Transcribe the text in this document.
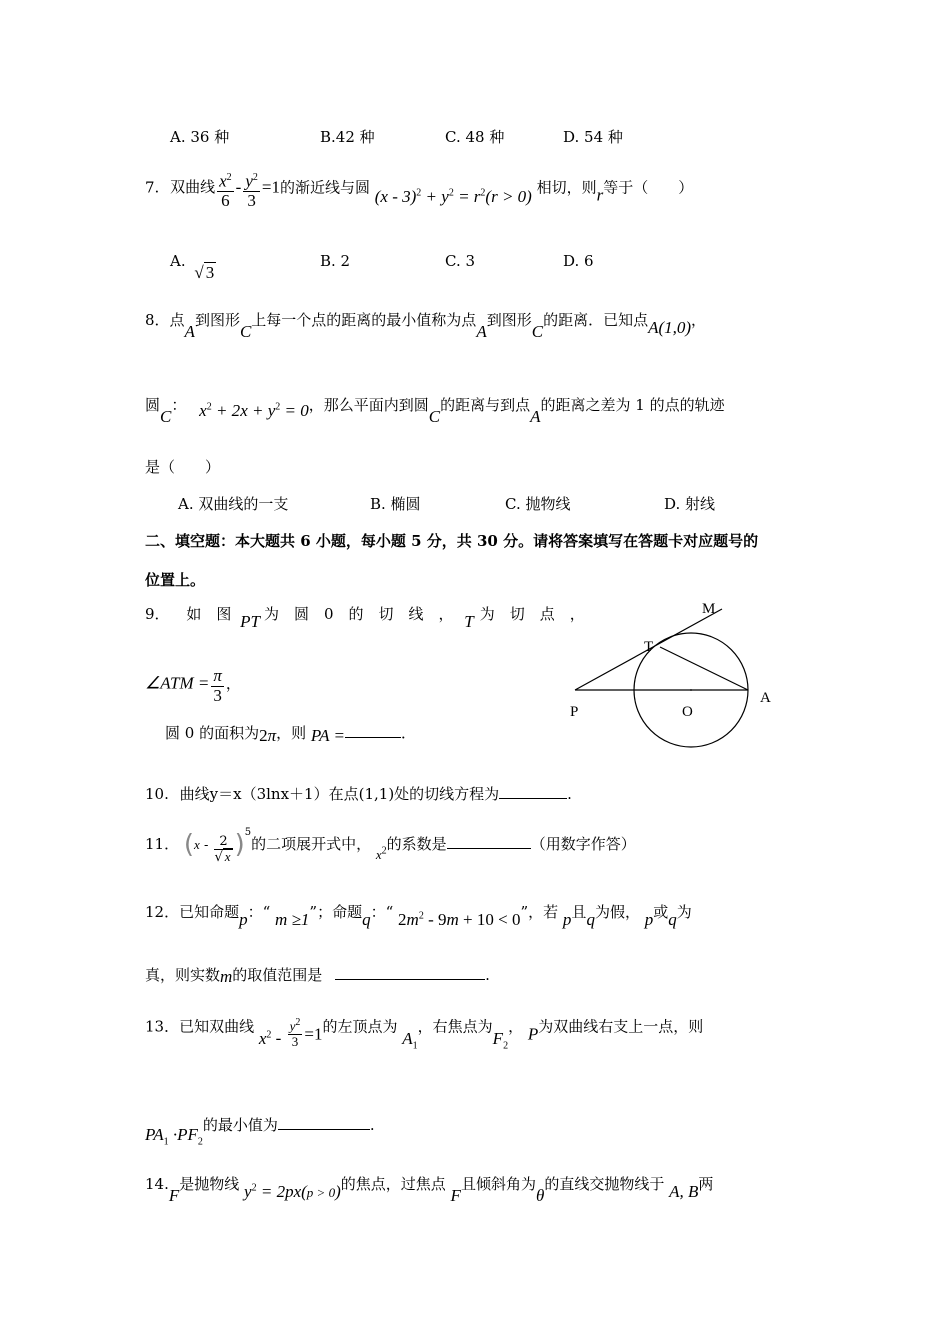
A. 36 种	B.42 种	C. 48 种	D. 54 种
7. 双曲线 $\frac{x^2}{6} - \frac{y^2}{3} =1$的渐近线与圆 $(x - 3)^2 + y^2 = r^2(r > 0)$ 相切，则r等于（　　）
A. √ 3
B. 2	C. 3	D. 6
8．点A到图形C上每一个点的距离的最小值称为点A到图形C的距离．已知点A(1,0)，
圆C： $x^2 + 2x + y^2 = 0$，那么平面内到圆C的距离与到点A的距离之差为 1 的点的轨迹
是（　　）
A. 双曲线的一支	B. 椭圆	C. 抛物线	D. 射线
二、填空题：本大题共 6 小题，每小题 5 分，共 30 分。请将答案填写在答题卡对应题号的
位置上。
9． 如　图 PT 为　圆　0　的　切　线　， T 为　切　点　，
∠ATM = $\frac{\pi}{3}$ ，
圆 0 的面积为2π，则 PA =	．
M
T
P	O
A
10. 曲线y＝x（3lnx＋1）在点(1,1)处的切线方程为	.
11． $(x - \frac{2}{√ x} )^5$的二项展开式中， $x^2$的系数是	（用数字作答）
12．已知命题p：“ m ≥1”；命题q：“ $2m^2 - 9m + 10 < 0$”，若 p且q为假， p或q为
真，则实数m的取值范围是	.
13．已知双曲线 $x^2 - \frac{y^2}{3} =1$的左顶点为 $A_1$，右焦点为$F_2$， P为双曲线右支上一点，则
$PA_1 \cdot PF_2$的最小值为	.
14.F是抛物线 $y^2 = 2px(p > 0)$的焦点，过焦点 F且倾斜角为θ的直线交抛物线于 A, B两
